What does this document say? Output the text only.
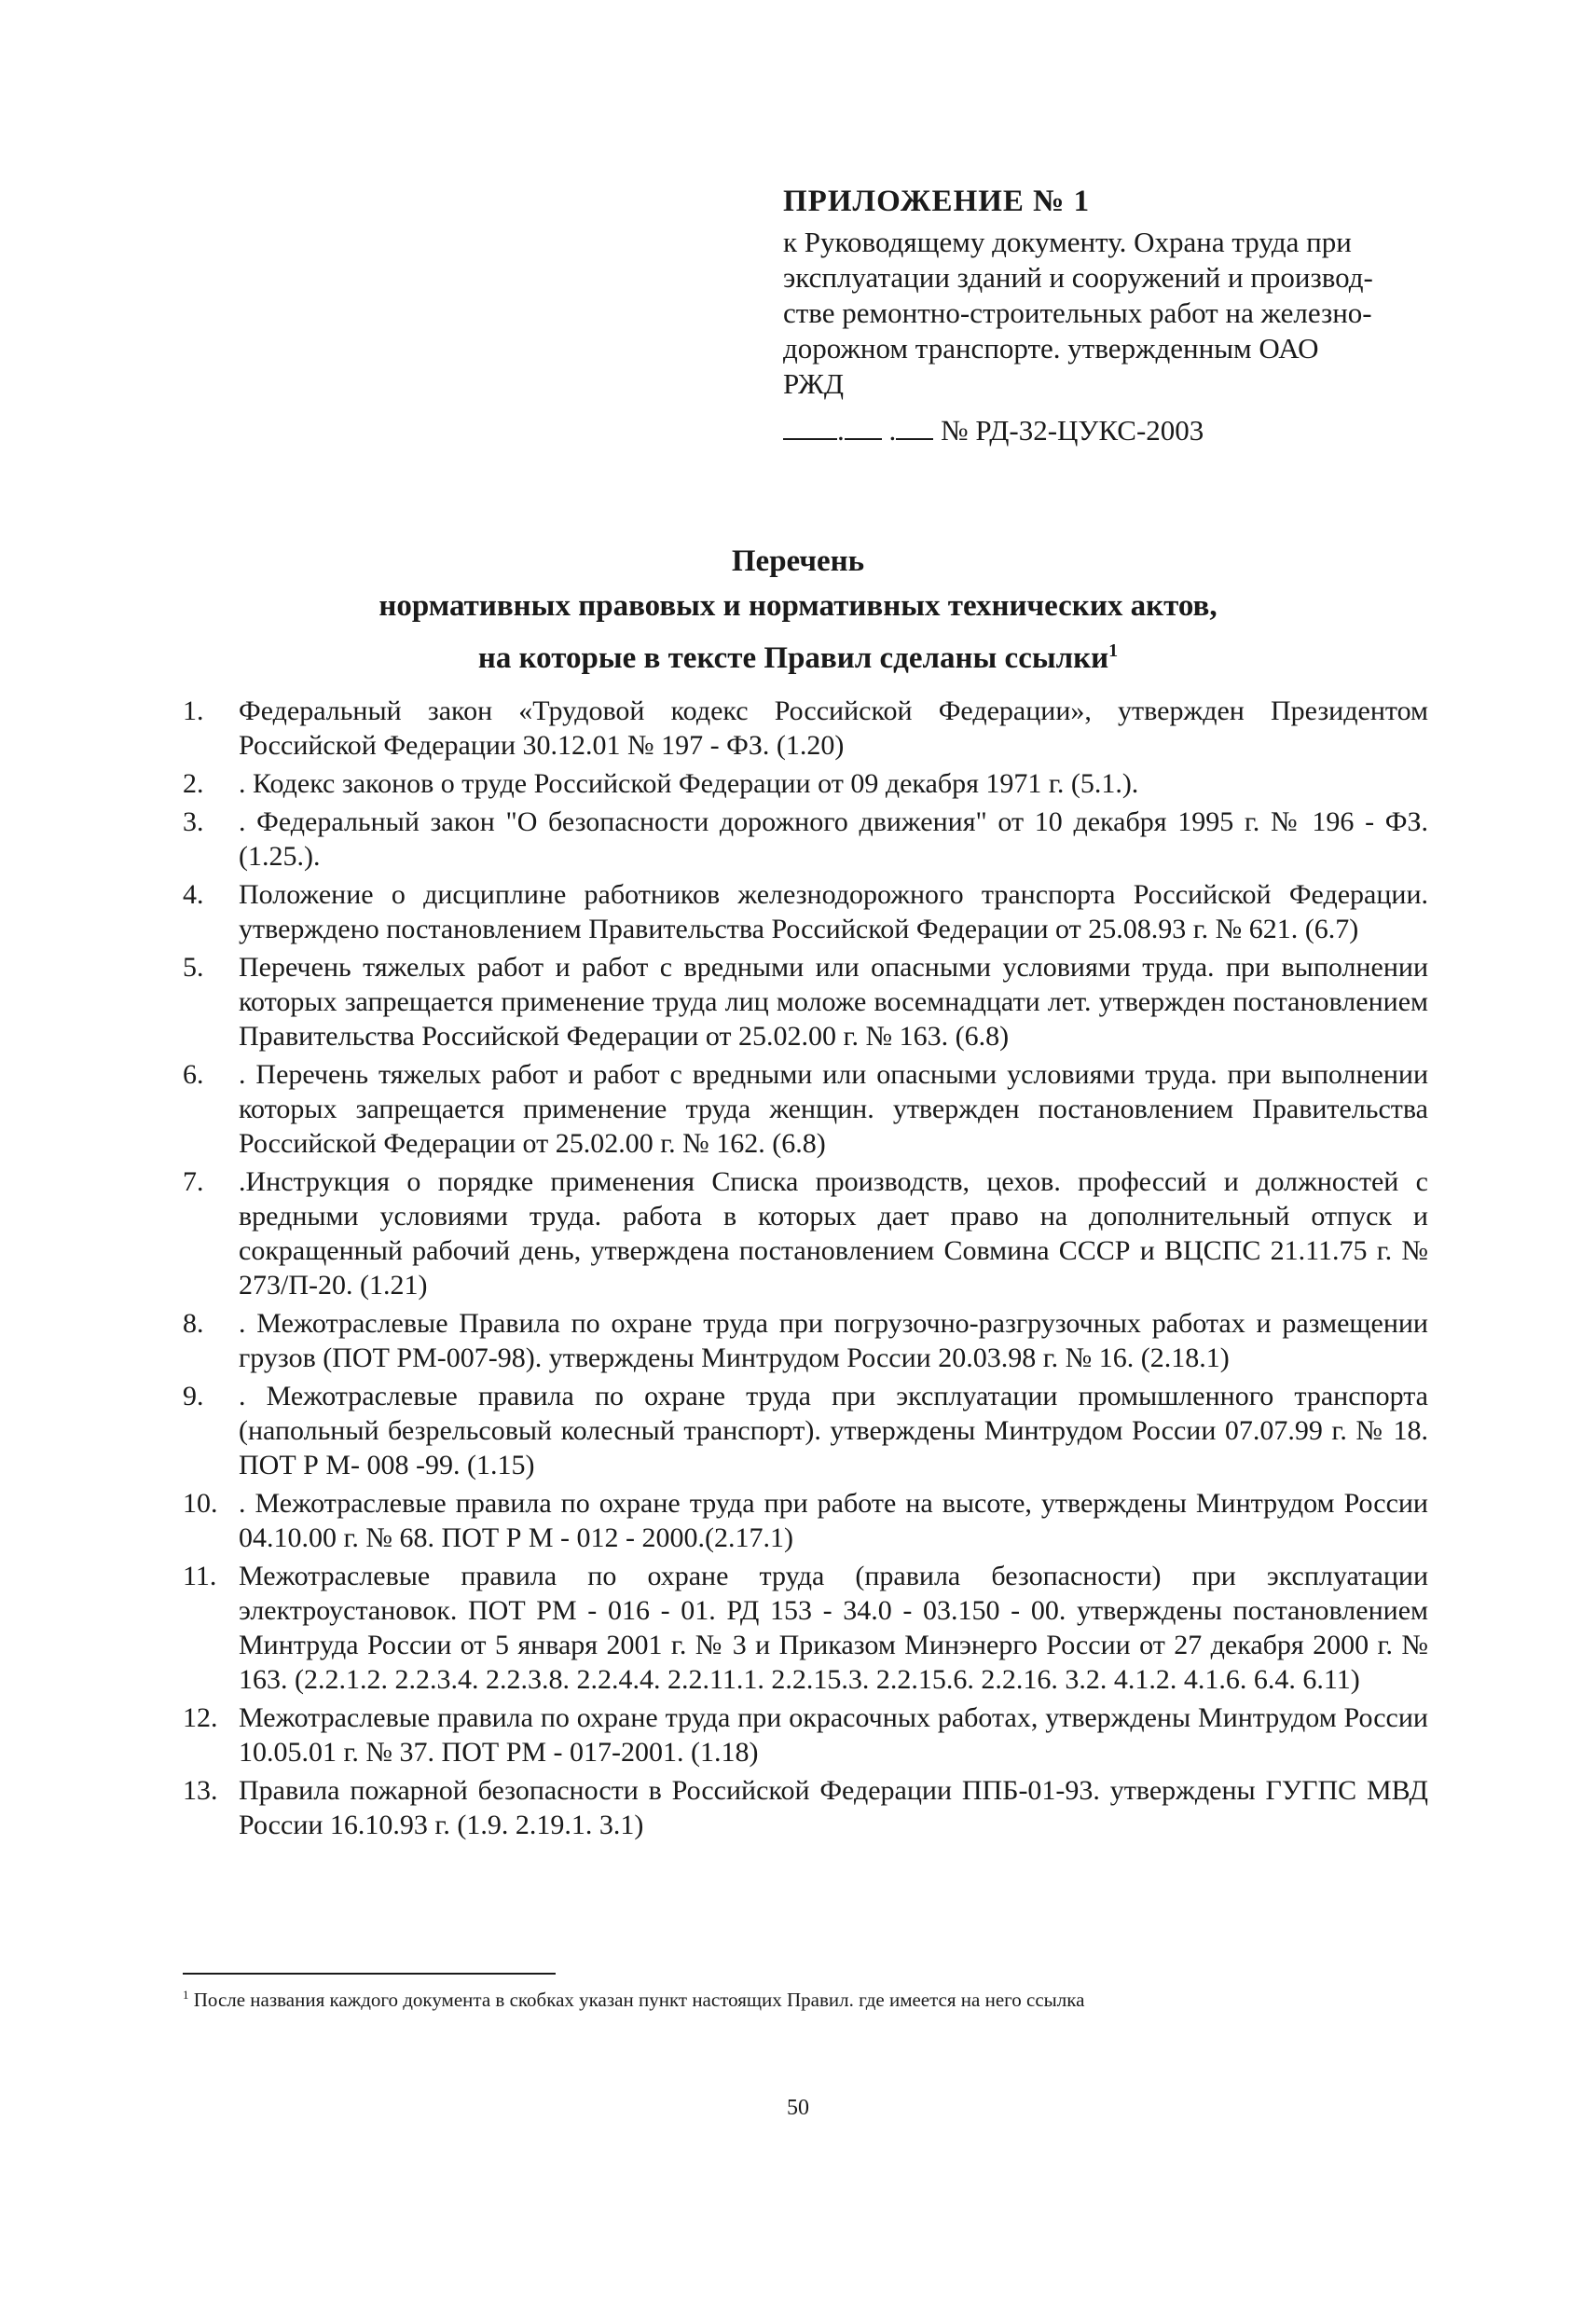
ПРИЛОЖЕНИЕ № 1
к Руководящему документу. Охрана труда при
эксплуатации зданий и сооружений и производ-
стве ремонтно-строительных работ на железно-
дорожном транспорте. утвержденным ОАО
РЖД
. . № РД-32-ЦУКС-2003
Перечень
нормативных правовых и нормативных технических актов,
на которые в тексте Правил сделаны ссылки$^1$
1.	Федеральный закон «Трудовой кодекс Российской Федерации», утвержден Президентом Российской Федерации 30.12.01 № 197 - ФЗ. (1.20)
2.	. Кодекс законов о труде Российской Федерации от 09 декабря 1971 г. (5.1.).
3.	. Федеральный закон "О безопасности дорожного движения" от 10 декабря 1995 г. № 196 - ФЗ. (1.25.).
4.	Положение о дисциплине работников железнодорожного транспорта Российской Федерации. утверждено постановлением Правительства Российской Федерации от 25.08.93 г. № 621. (6.7)
5.	Перечень тяжелых работ и работ с вредными или опасными условиями труда. при выполнении которых запрещается применение труда лиц моложе восемнадцати лет. утвержден постановлением Правительства Российской Федерации от 25.02.00 г. № 163. (6.8)
6.	. Перечень тяжелых работ и работ с вредными или опасными условиями труда. при выполнении которых запрещается применение труда женщин. утвержден постановлением Правительства Российской Федерации от 25.02.00 г. № 162. (6.8)
7.	.Инструкция о порядке применения Списка производств, цехов. профессий и должностей с вредными условиями труда. работа в которых дает право на дополнительный отпуск и сокращенный рабочий день, утверждена постановлением Совмина СССР и ВЦСПС 21.11.75 г. № 273/П-20. (1.21)
8.	. Межотраслевые Правила по охране труда при погрузочно-разгрузочных работах и размещении грузов (ПОТ РМ-007-98). утверждены Минтрудом России 20.03.98 г. № 16. (2.18.1)
9.	. Межотраслевые правила по охране труда при эксплуатации промышленного транспорта (напольный безрельсовый колесный транспорт). утверждены Минтрудом России 07.07.99 г. № 18. ПОТ Р М- 008 -99. (1.15)
10. . Межотраслевые правила по охране труда при работе на высоте, утверждены Минтрудом России 04.10.00 г. № 68. ПОТ Р М - 012 - 2000.(2.17.1)
11. Межотраслевые правила по охране труда (правила безопасности) при эксплуатации электроустановок. ПОТ РМ - 016 - 01. РД 153 - 34.0 - 03.150 - 00. утверждены постановлением Минтруда России от 5 января 2001 г. № 3 и Приказом Минэнерго России от 27 декабря 2000 г. № 163. (2.2.1.2. 2.2.3.4. 2.2.3.8. 2.2.4.4. 2.2.11.1. 2.2.15.3. 2.2.15.6. 2.2.16. 3.2. 4.1.2. 4.1.6. 6.4. 6.11)
12. Межотраслевые правила по охране труда при окрасочных работах, утверждены Минтрудом России 10.05.01 г. № 37. ПОТ РМ - 017-2001. (1.18)
13. Правила пожарной безопасности в Российской Федерации ППБ-01-93. утверждены ГУГПС МВД России 16.10.93 г. (1.9. 2.19.1. 3.1)
$^1$ После названия каждого документа в скобках указан пункт настоящих Правил. где имеется на него ссылка
50
